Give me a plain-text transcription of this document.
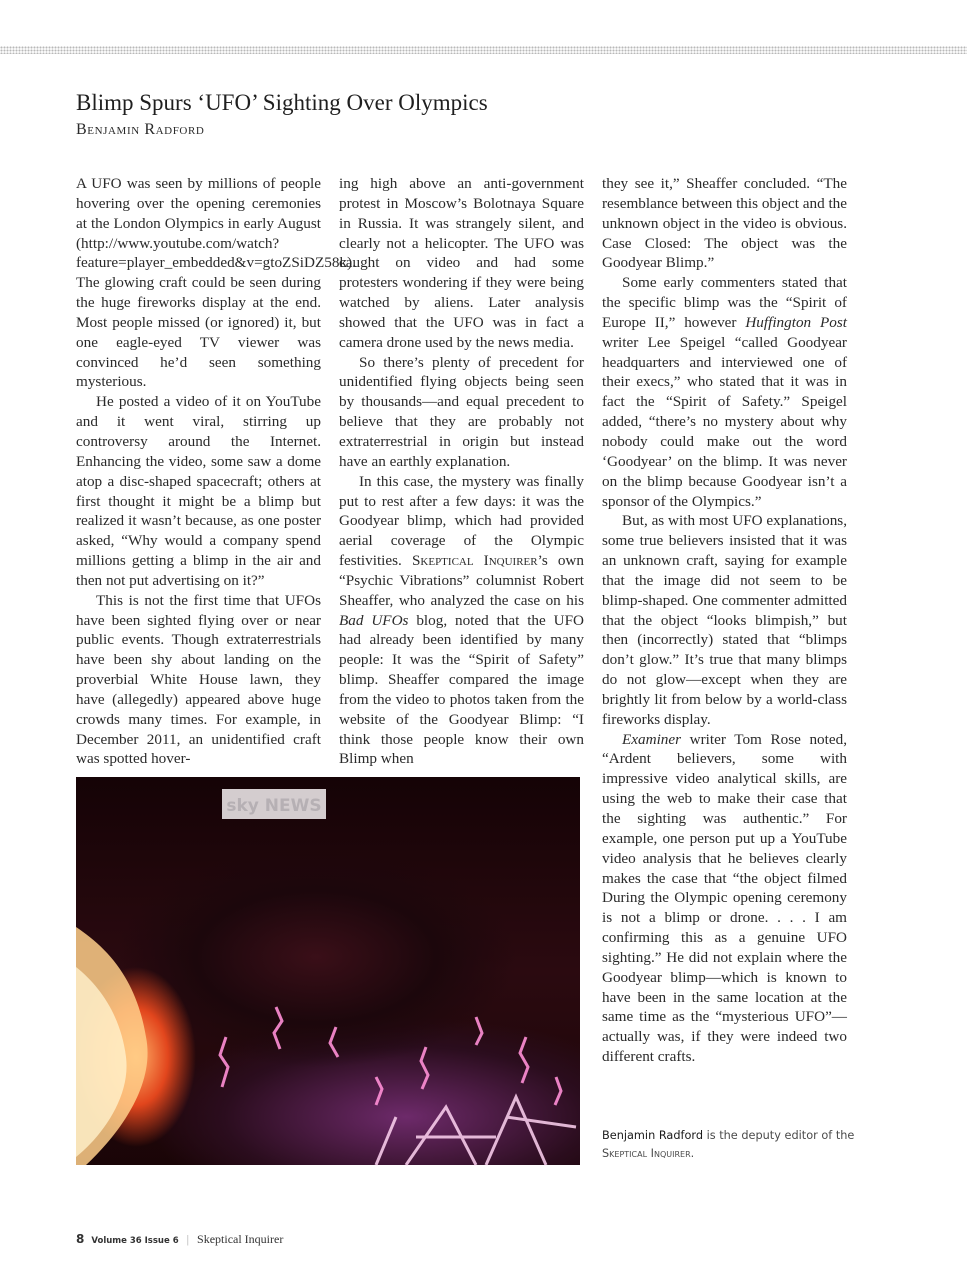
Blimp Spurs ‘UFO’ Sighting Over Olympics
Benjamin Radford

A UFO was seen by millions of people hovering over the opening ceremonies at the London Olympics in early August (http://www.youtube.com/watch?feature=player_embedded&v=gtoZSiDZ58k). The glowing craft could be seen during the huge fireworks display at the end. Most people missed (or ignored) it, but one eagle-eyed TV viewer was convinced he’d seen something mysterious.

He posted a video of it on YouTube and it went viral, stirring up controversy around the Internet. Enhancing the video, some saw a dome atop a disc-shaped spacecraft; others at first thought it might be a blimp but realized it wasn’t because, as one poster asked, “Why would a company spend millions getting a blimp in the air and then not put advertising on it?”

This is not the first time that UFOs have been sighted flying over or near public events. Though extraterrestrials have been shy about landing on the proverbial White House lawn, they have (allegedly) appeared above huge crowds many times. For example, in December 2011, an unidentified craft was spotted hover-

ing high above an anti-government protest in Moscow’s Bolotnaya Square in Russia. It was strangely silent, and clearly not a helicopter. The UFO was caught on video and had some protesters wondering if they were being watched by aliens. Later analysis showed that the UFO was in fact a camera drone used by the news media.

So there’s plenty of precedent for unidentified flying objects being seen by thousands—and equal precedent to believe that they are probably not extraterrestrial in origin but instead have an earthly explanation.

In this case, the mystery was finally put to rest after a few days: it was the Goodyear blimp, which had provided aerial coverage of the Olympic festivities. Skeptical Inquirer’s own “Psychic Vibrations” columnist Robert Sheaffer, who analyzed the case on his Bad UFOs blog, noted that the UFO had already been identified by many people: It was the “Spirit of Safety” blimp. Sheaffer compared the image from the video to photos taken from the website of the Goodyear Blimp: “I think those people know their own Blimp when

they see it,” Sheaffer concluded. “The resemblance between this object and the unknown object in the video is obvious. Case Closed: The object was the Goodyear Blimp.”

Some early commenters stated that the specific blimp was the “Spirit of Europe II,” however Huffington Post writer Lee Speigel “called Goodyear headquarters and interviewed one of their execs,” who stated that it was in fact the “Spirit of Safety.” Speigel added, “there’s no mystery about why nobody could make out the word ‘Goodyear’ on the blimp. It was never on the blimp because Goodyear isn’t a sponsor of the Olympics.”

But, as with most UFO explanations, some true believers insisted that it was an unknown craft, saying for example that the image did not seem to be blimp-shaped. One commenter admitted that the object “looks blimpish,” but then (incorrectly) stated that “blimps don’t glow.” It’s true that many blimps do not glow—except when they are brightly lit from below by a world-class fireworks display.

Examiner writer Tom Rose noted, “Ardent believers, some with impressive video analytical skills, are using the web to make their case that the sighting was authentic.” For example, one person put up a YouTube video analysis that he believes clearly makes the case that “the object filmed During the Olympic opening ceremony is not a blimp or drone. . . . I am confirming this as a genuine UFO sighting.” He did not explain where the Goodyear blimp—which is known to have been in the same location at the same time as the “mysterious UFO”—actually was, if they were indeed two different crafts.

sky NEWS
Benjamin Radford is the deputy editor of the
Skeptical Inquirer.
8 Volume 36 Issue 6 | Skeptical Inquirer
